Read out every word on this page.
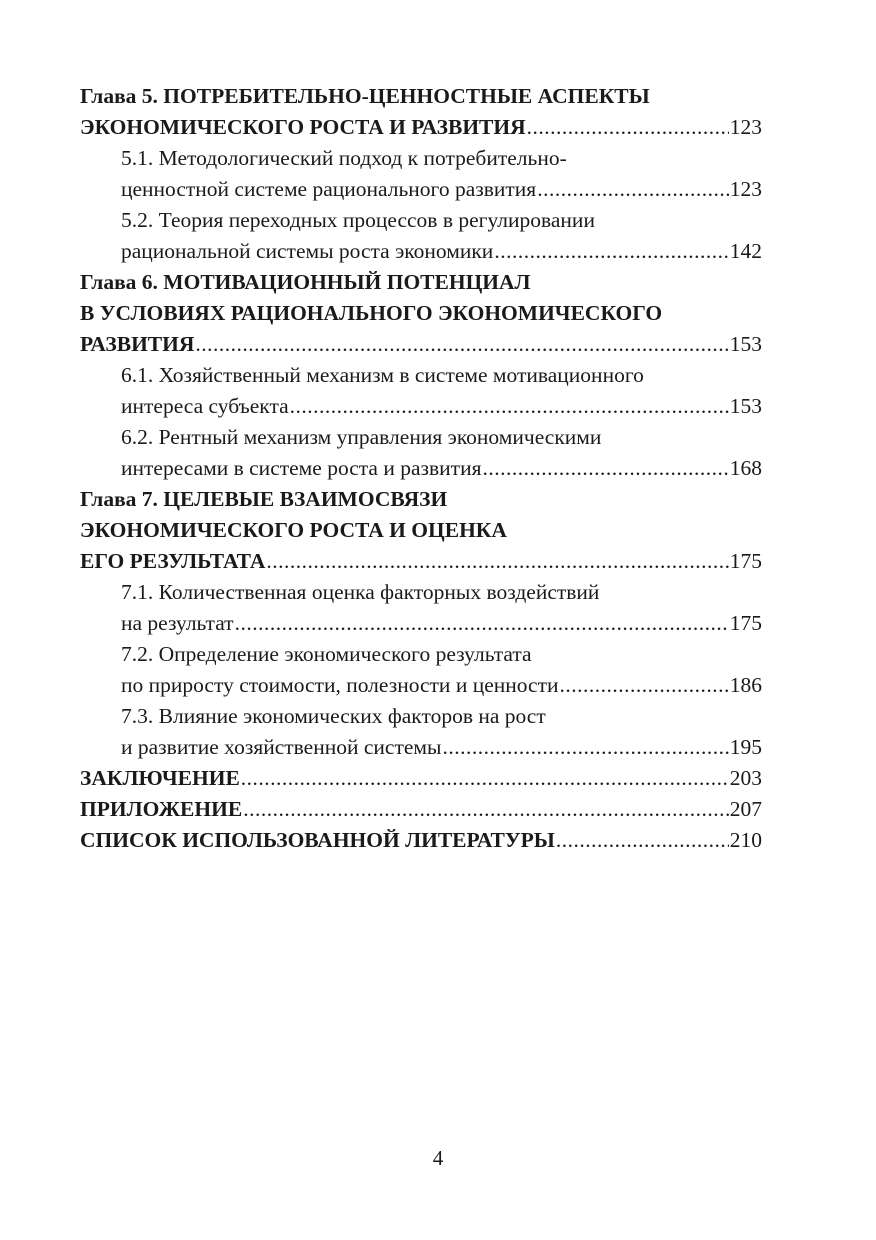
Глава 5. ПОТРЕБИТЕЛЬНО-ЦЕННОСТНЫЕ АСПЕКТЫ
ЭКОНОМИЧЕСКОГО РОСТА И РАЗВИТИЯ .....	123
5.1. Методологический подход к потребительно-
ценностной системе рационального развития .....	123
5.2. Теория переходных процессов в регулировании
рациональной системы роста экономики .....	142
Глава 6. МОТИВАЦИОННЫЙ ПОТЕНЦИАЛ
В УСЛОВИЯХ РАЦИОНАЛЬНОГО ЭКОНОМИЧЕСКОГО
РАЗВИТИЯ .....	153
6.1. Хозяйственный механизм в системе мотивационного
интереса субъекта .....	153
6.2. Рентный механизм управления экономическими
интересами в системе роста и развития .....	168
Глава 7. ЦЕЛЕВЫЕ ВЗАИМОСВЯЗИ
ЭКОНОМИЧЕСКОГО РОСТА И ОЦЕНКА
ЕГО РЕЗУЛЬТАТА .....	175
7.1. Количественная оценка факторных воздействий
на результат .....	175
7.2. Определение экономического результата
по приросту стоимости, полезности и ценности .....	186
7.3. Влияние экономических факторов на рост
и развитие хозяйственной системы .....	195
ЗАКЛЮЧЕНИЕ .....	203
ПРИЛОЖЕНИЕ .....	207
СПИСОК ИСПОЛЬЗОВАННОЙ ЛИТЕРАТУРЫ .....	210
4
